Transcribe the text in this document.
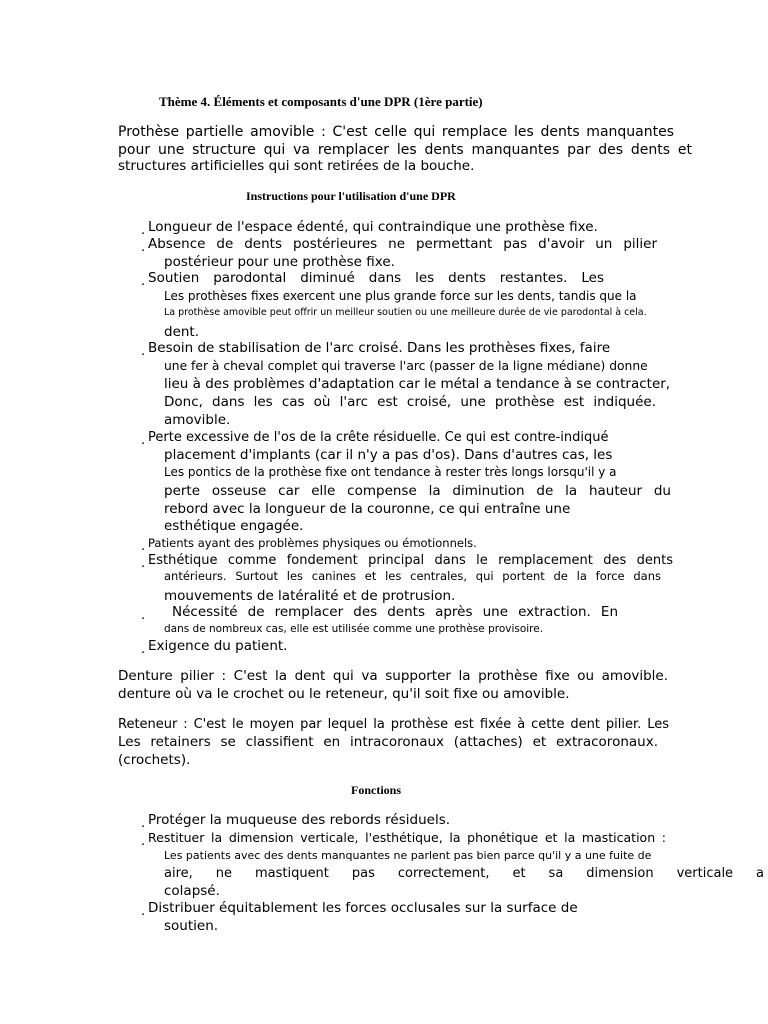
Thème 4. Éléments et composants d'une DPR (1ère partie)
Prothèse partielle amovible : C'est celle qui remplace les dents manquantes
pour une structure qui va remplacer les dents manquantes par des dents et
structures artificielles qui sont retirées de la bouche.
Instructions pour l'utilisation d'une DPR
. Longueur de l'espace édenté, qui contraindique une prothèse fixe.
. Absence de dents postérieures ne permettant pas d'avoir un pilier
postérieur pour une prothèse fixe.
. Soutien parodontal diminué dans les dents restantes. Les
Les prothèses fixes exercent une plus grande force sur les dents, tandis que la
La prothèse amovible peut offrir un meilleur soutien ou une meilleure durée de vie parodontal à cela.
dent.
. Besoin de stabilisation de l'arc croisé. Dans les prothèses fixes, faire
une fer à cheval complet qui traverse l'arc (passer de la ligne médiane) donne
lieu à des problèmes d'adaptation car le métal a tendance à se contracter,
Donc, dans les cas où l'arc est croisé, une prothèse est indiquée.
amovible.
. Perte excessive de l'os de la crête résiduelle. Ce qui est contre-indiqué
placement d'implants (car il n'y a pas d'os). Dans d'autres cas, les
Les pontics de la prothèse fixe ont tendance à rester très longs lorsqu'il y a
perte osseuse car elle compense la diminution de la hauteur du
rebord avec la longueur de la couronne, ce qui entraîne une
esthétique engagée.
. Patients ayant des problèmes physiques ou émotionnels.
. Esthétique comme fondement principal dans le remplacement des dents
antérieurs. Surtout les canines et les centrales, qui portent de la force dans
mouvements de latéralité et de protrusion.
. Nécessité de remplacer des dents après une extraction. En
dans de nombreux cas, elle est utilisée comme une prothèse provisoire.
. Exigence du patient.
Denture pilier : C'est la dent qui va supporter la prothèse fixe ou amovible.
denture où va le crochet ou le reteneur, qu'il soit fixe ou amovible.
Reteneur : C'est le moyen par lequel la prothèse est fixée à cette dent pilier. Les
Les retainers se classifient en intracoronaux (attaches) et extracoronaux.
(crochets).
Fonctions
. Protéger la muqueuse des rebords résiduels.
. Restituer la dimension verticale, l'esthétique, la phonétique et la mastication :
Les patients avec des dents manquantes ne parlent pas bien parce qu'il y a une fuite de
aire, ne mastiquent pas correctement, et sa dimension verticale a
colapsé.
. Distribuer équitablement les forces occlusales sur la surface de
soutien.
